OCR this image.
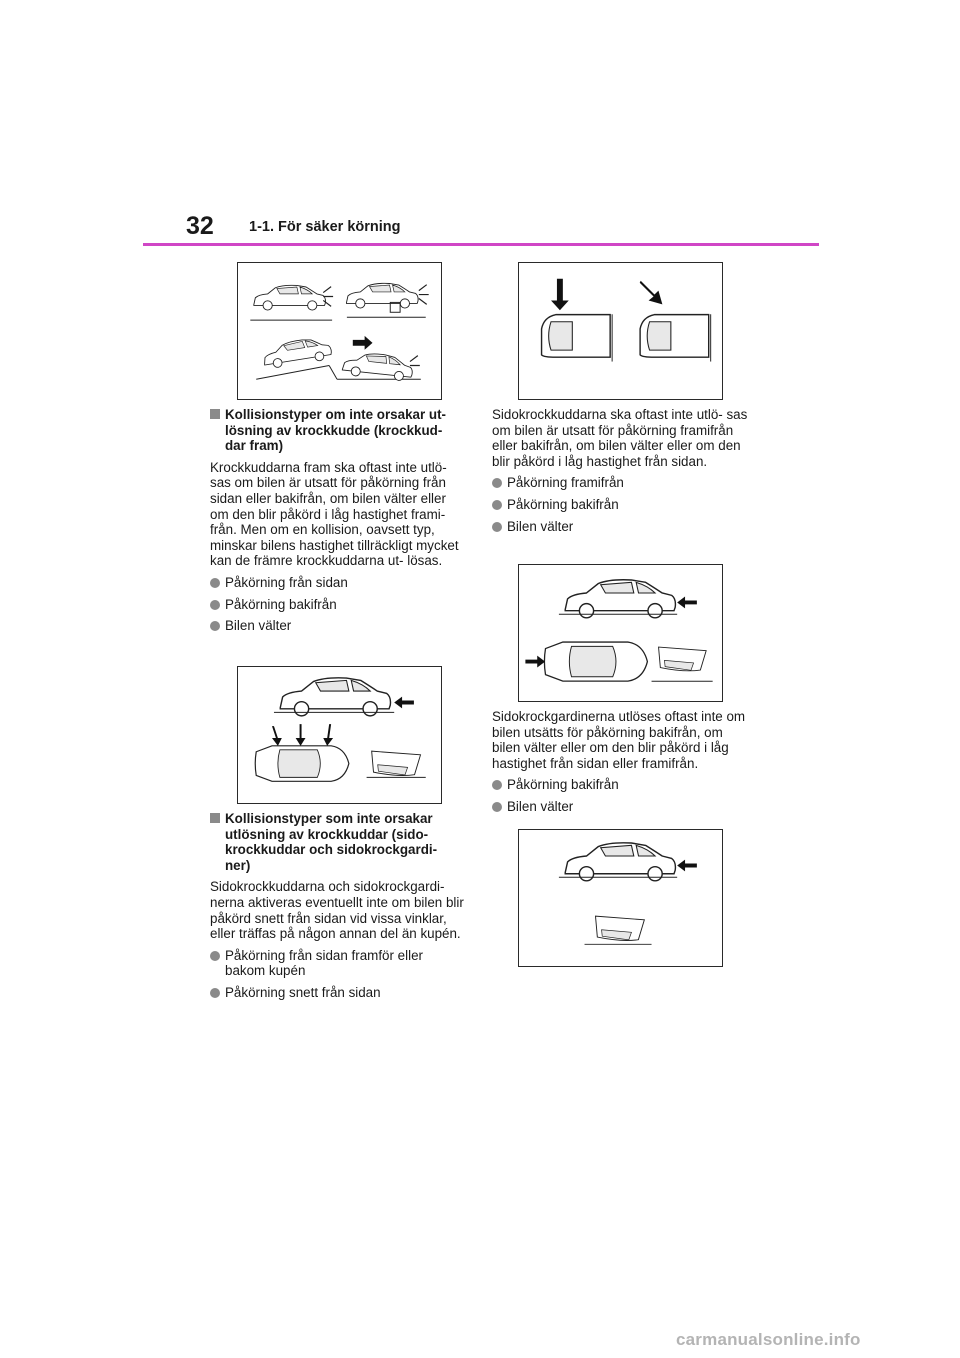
32 1-1. För säker körning
Kollisionstyper om inte orsakar ut- lösning av krockkudde (krockkud- dar fram)
Krockkuddarna fram ska oftast inte utlö- sas om bilen är utsatt för påkörning från sidan eller bakifrån, om bilen välter eller om den blir påkörd i låg hastighet frami- från. Men om en kollision, oavsett typ, minskar bilens hastighet tillräckligt mycket kan de främre krockkuddarna ut- lösas.
Påkörning från sidan
Påkörning bakifrån
Bilen välter
Kollisionstyper som inte orsakar utlösning av krockkuddar (sido- krockkuddar och sidokrockgardi- ner)
Sidokrockkuddarna och sidokrockgardi- nerna aktiveras eventuellt inte om bilen blir påkörd snett från sidan vid vissa vinklar, eller träffas på någon annan del än kupén.
Påkörning från sidan framför eller bakom kupén
Påkörning snett från sidan
Sidokrockkuddarna ska oftast inte utlö- sas om bilen är utsatt för påkörning framifrån eller bakifrån, om bilen välter eller om den blir påkörd i låg hastighet från sidan.
Påkörning framifrån
Påkörning bakifrån
Bilen välter
Sidokrockgardinerna utlöses oftast inte om bilen utsätts för påkörning bakifrån, om bilen välter eller om den blir påkörd i låg hastighet från sidan eller framifrån.
Påkörning bakifrån
Bilen välter
carmanualsonline.info
